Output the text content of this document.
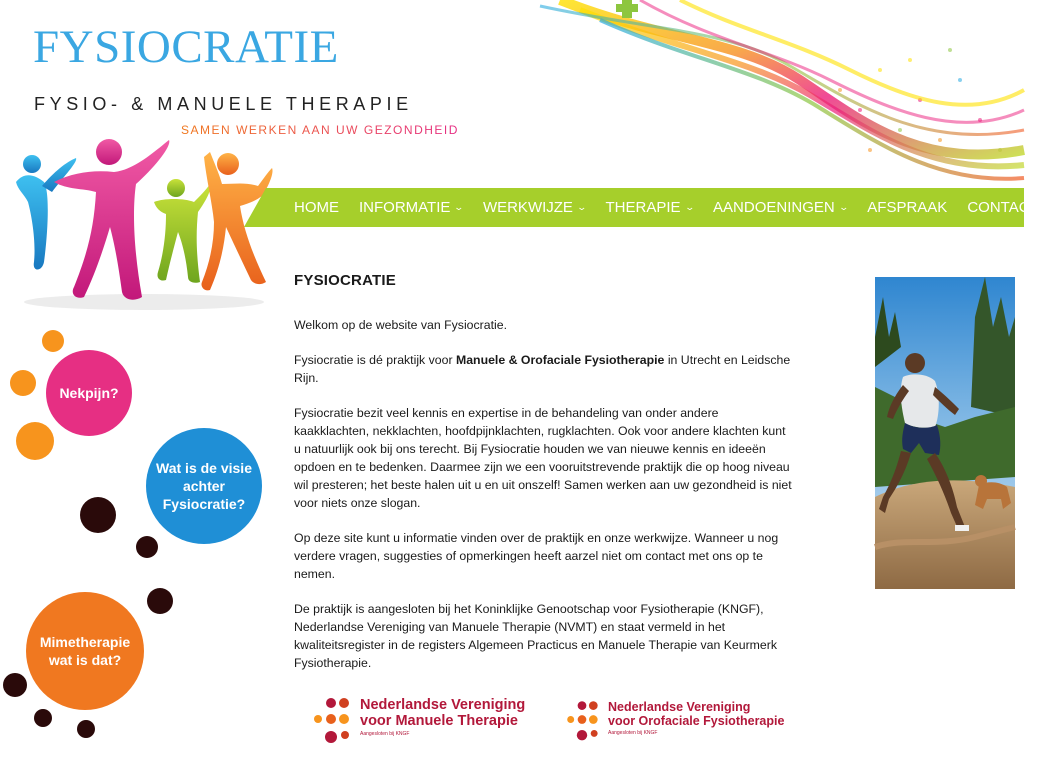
FYSIOCRATIE
FYSIO- & MANUELE THERAPIE
SAMEN WERKEN AAN UW GEZONDHEID
HOME INFORMATIE ⌄ WERKWIJZE ⌄ THERAPIE ⌄ AANDOENINGEN ⌄ AFSPRAAK CONTACT ⌄
Nekpijn?
Wat is de visie achter Fysiocratie?
Mimetherapie wat is dat?
FYSIOCRATIE

Welkom op de website van Fysiocratie.

Fysiocratie is dé praktijk voor Manuele & Orofaciale Fysiotherapie in Utrecht en Leidsche Rijn.

Fysiocratie bezit veel kennis en expertise in de behandeling van onder andere kaakklachten, nekklachten, hoofdpijnklachten, rugklachten. Ook voor andere klachten kunt u natuurlijk ook bij ons terecht. Bij Fysiocratie houden we van nieuwe kennis en ideeën opdoen en te bedenken. Daarmee zijn we een vooruitstrevende praktijk die op hoog niveau wil presteren; het beste halen uit u en uit onszelf! Samen werken aan uw gezondheid is niet voor niets onze slogan.

Op deze site kunt u informatie vinden over de praktijk en onze werkwijze. Wanneer u nog verdere vragen, suggesties of opmerkingen heeft aarzel niet om contact met ons op te nemen.

De praktijk is aangesloten bij het Koninklijke Genootschap voor Fysiotherapie (KNGF), Nederlandse Vereniging van Manuele Therapie (NVMT) en staat vermeld in het kwaliteitsregister in de registers Algemeen Practicus en Manuele Therapie van Keurmerk Fysiotherapie.

Nederlandse Vereniging
voor Manuele Therapie
Aangesloten bij KNGF
Nederlandse Vereniging
voor Orofaciale Fysiotherapie
Aangesloten bij KNGF
